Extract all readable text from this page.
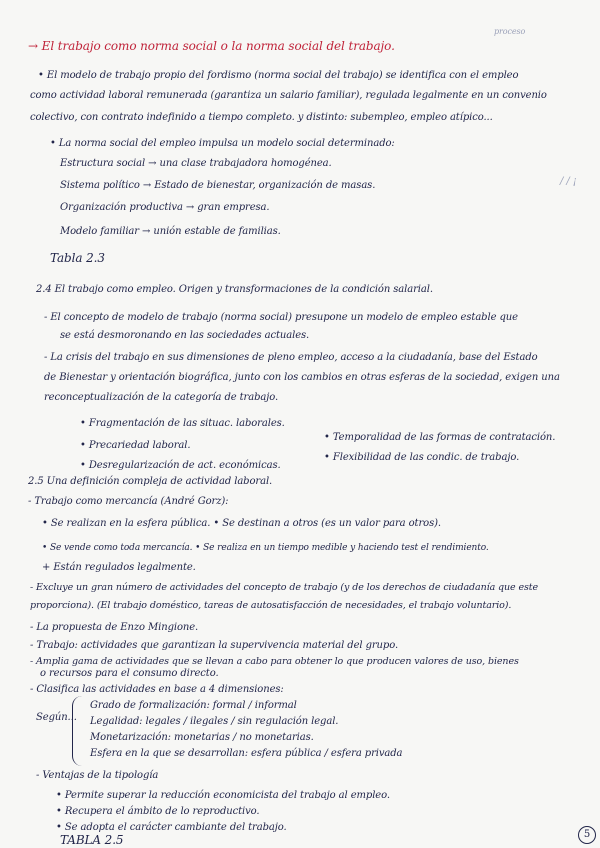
→ El trabajo como norma social o la norma social del trabajo.
proceso
• El modelo de trabajo propio del fordismo (norma social del trabajo) se identifica con el empleo
como actividad laboral remunerada (garantiza un salario familiar), regulada legalmente en un convenio
colectivo, con contrato indefinido a tiempo completo. y distinto: subempleo, empleo atípico...
• La norma social del empleo impulsa un modelo social determinado:
/ / ¡
Estructura social → una clase trabajadora homogénea.
Sistema político → Estado de bienestar, organización de masas.
Organización productiva → gran empresa.
Modelo familiar → unión estable de familias.
Tabla 2.3
2.4 El trabajo como empleo. Origen y transformaciones de la condición salarial.
- El concepto de modelo de trabajo (norma social) presupone un modelo de empleo estable que
se está desmoronando en las sociedades actuales.
- La crisis del trabajo en sus dimensiones de pleno empleo, acceso a la ciudadanía, base del Estado
de Bienestar y orientación biográfica, junto con los cambios en otras esferas de la sociedad, exigen una
reconceptualización de la categoría de trabajo.
• Fragmentación de las situac. laborales.
• Temporalidad de las formas de contratación.
• Precariedad laboral.
• Flexibilidad de las condic. de trabajo.
• Desregularización de act. económicas.
2.5 Una definición compleja de actividad laboral.
- Trabajo como mercancía (André Gorz):
• Se realizan en la esfera pública. • Se destinan a otros (es un valor para otros).
• Se vende como toda mercancía. • Se realiza en un tiempo medible y haciendo test el rendimiento.
+ Están regulados legalmente.
- Excluye un gran número de actividades del concepto de trabajo (y de los derechos de ciudadanía que este
proporciona). (El trabajo doméstico, tareas de autosatisfacción de necesidades, el trabajo voluntario).
- La propuesta de Enzo Mingione.
- Trabajo: actividades que garantizan la supervivencia material del grupo.
- Amplia gama de actividades que se llevan a cabo para obtener lo que producen valores de uso, bienes
o recursos para el consumo directo.
- Clasifica las actividades en base a 4 dimensiones:
Según...
Grado de formalización: formal / informal
Legalidad: legales / ilegales / sin regulación legal.
Monetarización: monetarias / no monetarias.
Esfera en la que se desarrollan: esfera pública / esfera privada
- Ventajas de la tipología
• Permite superar la reducción economicista del trabajo al empleo.
• Recupera el ámbito de lo reproductivo.
• Se adopta el carácter cambiante del trabajo.
TABLA 2.5	5
